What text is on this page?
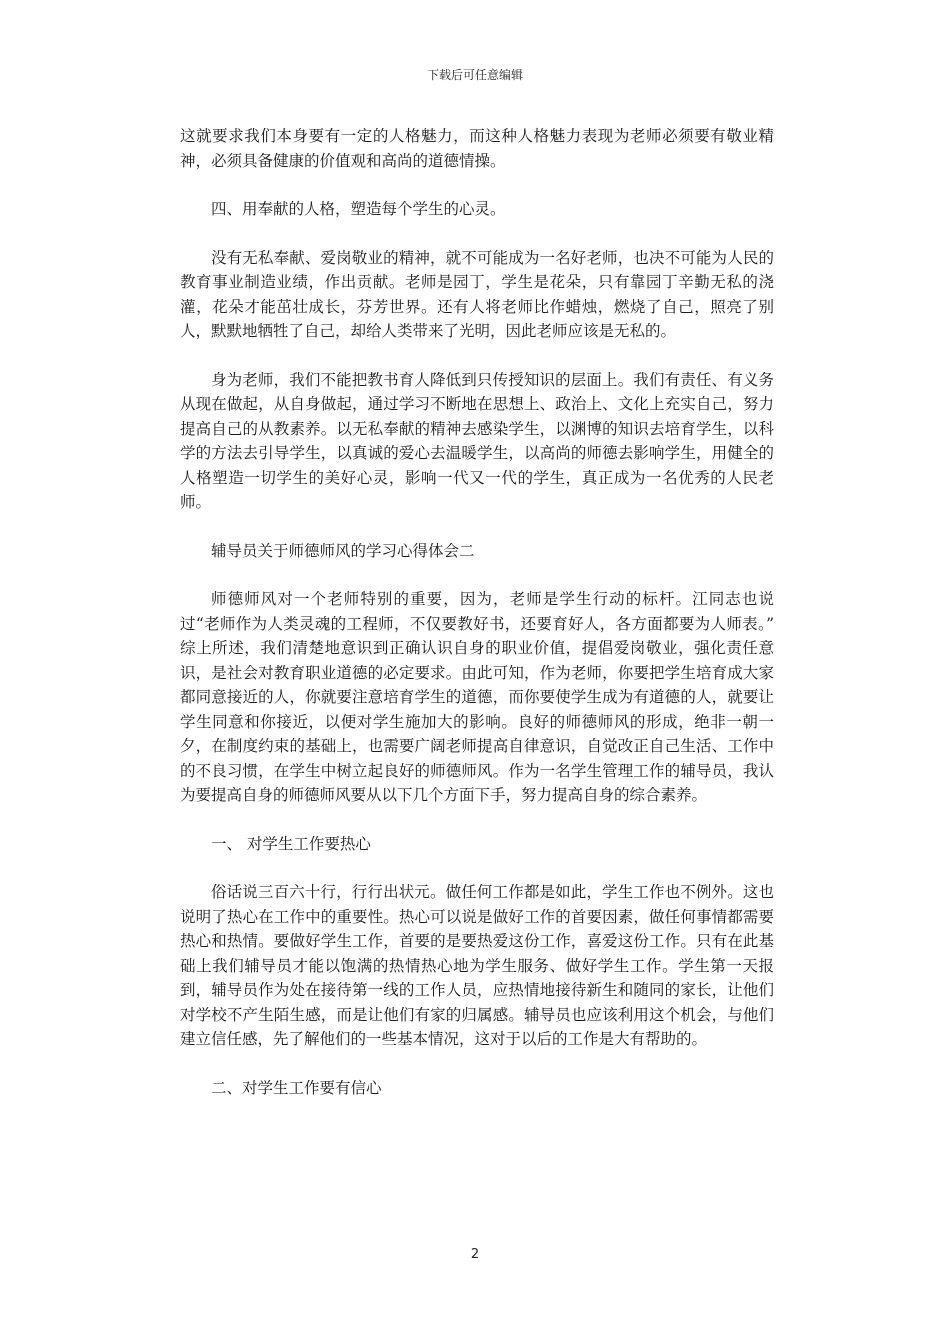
下载后可任意编辑

这就要求我们本身要有一定的人格魅力，而这种人格魅力表现为老师必须要有敬业精神，必须具备健康的价值观和高尚的道德情操。

四、用奉献的人格，塑造每个学生的心灵。

没有无私奉献、爱岗敬业的精神，就不可能成为一名好老师，也决不可能为人民的教育事业制造业绩，作出贡献。老师是园丁，学生是花朵，只有靠园丁辛勤无私的浇灌，花朵才能茁壮成长，芬芳世界。还有人将老师比作蜡烛，燃烧了自己，照亮了别人，默默地牺牲了自己，却给人类带来了光明，因此老师应该是无私的。

身为老师，我们不能把教书育人降低到只传授知识的层面上。我们有责任、有义务从现在做起，从自身做起，通过学习不断地在思想上、政治上、文化上充实自己，努力提高自己的从教素养。以无私奉献的精神去感染学生，以渊博的知识去培育学生，以科学的方法去引导学生，以真诚的爱心去温暖学生，以高尚的师德去影响学生，用健全的人格塑造一切学生的美好心灵，影响一代又一代的学生，真正成为一名优秀的人民老师。

辅导员关于师德师风的学习心得体会二

师德师风对一个老师特别的重要，因为，老师是学生行动的标杆。江同志也说过“老师作为人类灵魂的工程师，不仅要教好书，还要育好人，各方面都要为人师表。” 综上所述，我们清楚地意识到正确认识自身的职业价值，提倡爱岗敬业，强化责任意识，是社会对教育职业道德的必定要求。由此可知，作为老师，你要把学生培育成大家都同意接近的人，你就要注意培育学生的道德，而你要使学生成为有道德的人，就要让学生同意和你接近，以便对学生施加大的影响。良好的师德师风的形成，绝非一朝一夕，在制度约束的基础上，也需要广阔老师提高自律意识，自觉改正自己生活、工作中的不良习惯，在学生中树立起良好的师德师风。作为一名学生管理工作的辅导员，我认为要提高自身的师德师风要从以下几个方面下手，努力提高自身的综合素养。

一、 对学生工作要热心

俗话说三百六十行，行行出状元。做任何工作都是如此，学生工作也不例外。这也说明了热心在工作中的重要性。热心可以说是做好工作的首要因素，做任何事情都需要热心和热情。要做好学生工作，首要的是要热爱这份工作，喜爱这份工作。只有在此基础上我们辅导员才能以饱满的热情热心地为学生服务、做好学生工作。学生第一天报到，辅导员作为处在接待第一线的工作人员，应热情地接待新生和随同的家长，让他们对学校不产生陌生感，而是让他们有家的归属感。辅导员也应该利用这个机会，与他们建立信任感，先了解他们的一些基本情况，这对于以后的工作是大有帮助的。

二、对学生工作要有信心

2
